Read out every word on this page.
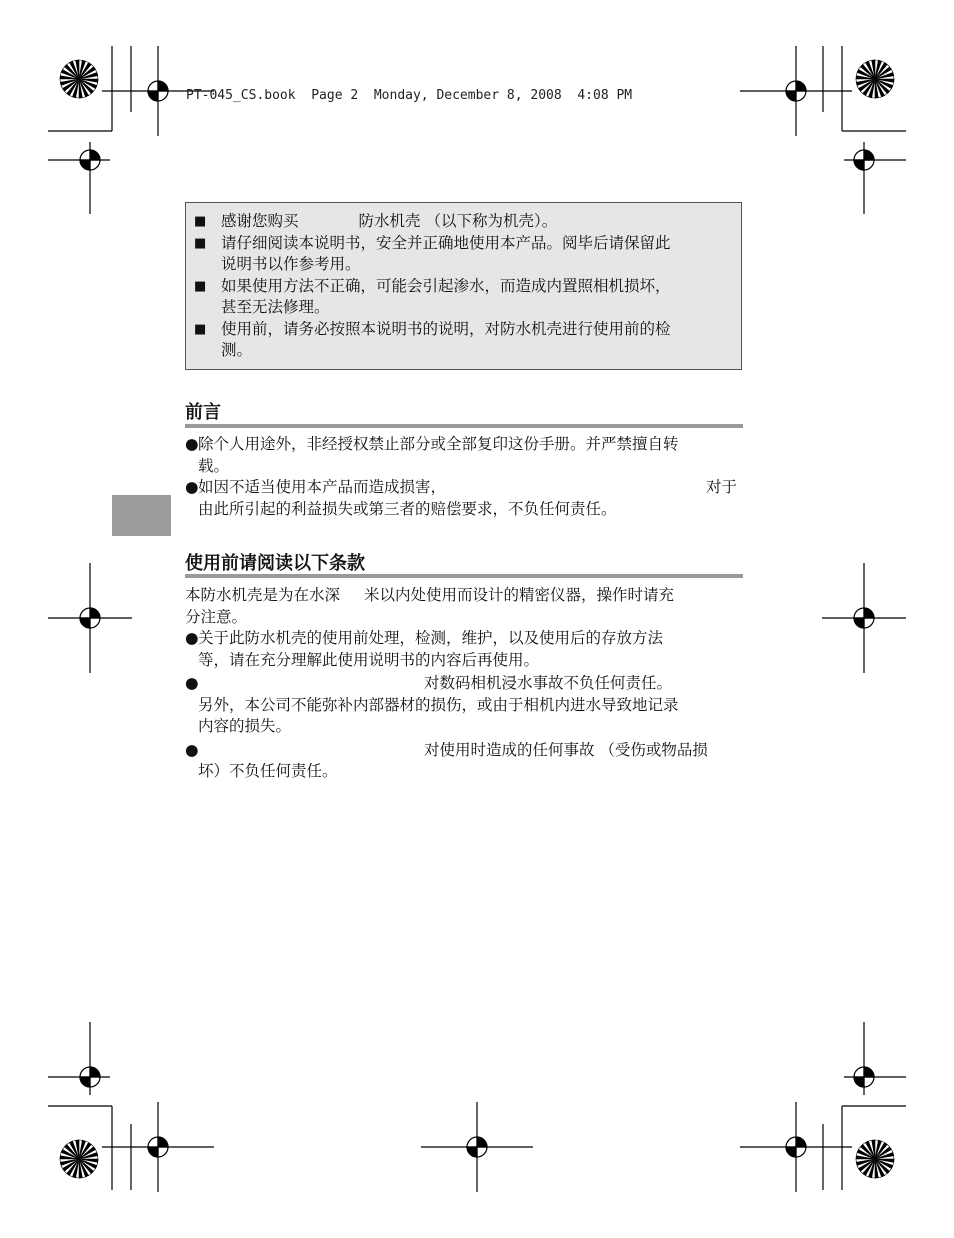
PT-045_CS.book  Page 2  Monday, December 8, 2008  4:08 PM
■ 感谢您购买	防水机壳 （以下称为机壳）。
■ 请仔细阅读本说明书，安全并正确地使用本产品。阅毕后请保留此
说明书以作参考用。
■ 如果使用方法不正确，可能会引起渗水，而造成内置照相机损坏，
甚至无法修理。
■ 使用前，请务必按照本说明书的说明，对防水机壳进行使用前的检
测。
前言
● 除个人用途外，非经授权禁止部分或全部复印这份手册。并严禁擅自转
载。
● 如因不适当使用本产品而造成损害，	对于
由此所引起的利益损失或第三者的赔偿要求，不负任何责任。
使用前请阅读以下条款
本防水机壳是为在水深 米以内处使用而设计的精密仪器，操作时请充
分注意。
● 关于此防水机壳的使用前处理，检测，维护，以及使用后的存放方法
等，请在充分理解此使用说明书的内容后再使用。
●	对数码相机浸水事故不负任何责任。
另外，本公司不能弥补内部器材的损伤，或由于相机内进水导致地记录
内容的损失。
●	对使用时造成的任何事故 （受伤或物品损
坏）不负任何责任。
